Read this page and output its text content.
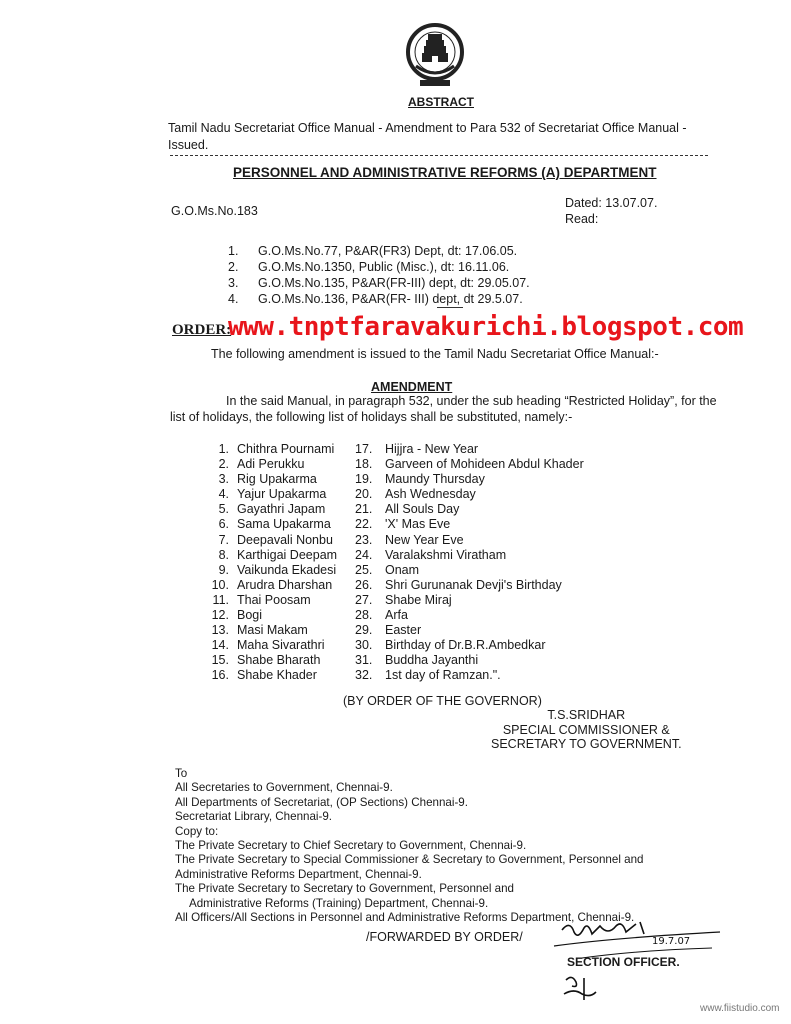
ABSTRACT
Tamil Nadu Secretariat Office Manual - Amendment to Para 532 of Secretariat Office Manual - Issued.
PERSONNEL AND ADMINISTRATIVE REFORMS (A) DEPARTMENT
G.O.Ms.No.183
Dated: 13.07.07.
Read:
1. G.O.Ms.No.77, P&AR(FR3) Dept, dt: 17.06.05.
2. G.O.Ms.No.1350, Public (Misc.), dt: 16.11.06.
3. G.O.Ms.No.135, P&AR(FR-III) dept, dt: 29.05.07.
4. G.O.Ms.No.136, P&AR(FR- III) dept, dt 29.5.07.
ORDER:
www.tnptfaravakurichi.blogspot.com
The following amendment is issued to the Tamil Nadu Secretariat Office Manual:-
AMENDMENT
In the said Manual, in paragraph 532, under the sub heading “Restricted Holiday”, for the list of holidays, the following list of holidays shall be substituted, namely:-
1. Chithra Pournami
2. Adi Perukku
3. Rig Upakarma
4. Yajur Upakarma
5. Gayathri Japam
6. Sama Upakarma
7. Deepavali Nonbu
8. Karthigai Deepam
9. Vaikunda Ekadesi
10. Arudra Dharshan
11. Thai Poosam
12. Bogi
13. Masi Makam
14. Maha Sivarathri
15. Shabe Bharath
16. Shabe Khader
17. Hijjra - New Year
18. Garveen of Mohideen Abdul Khader
19. Maundy Thursday
20. Ash Wednesday
21. All Souls Day
22. 'X' Mas Eve
23. New Year Eve
24. Varalakshmi Viratham
25. Onam
26. Shri Gurunanak Devji's Birthday
27. Shabe Miraj
28. Arfa
29. Easter
30. Birthday of Dr.B.R.Ambedkar
31. Buddha Jayanthi
32. 1st day of Ramzan.".
(BY ORDER OF THE GOVERNOR)
T.S.SRIDHAR
SPECIAL COMMISSIONER &
SECRETARY TO GOVERNMENT.
To
All Secretaries to Government, Chennai-9.
All Departments of Secretariat, (OP Sections) Chennai-9.
Secretariat Library, Chennai-9.
Copy to:
The Private Secretary to Chief Secretary to Government, Chennai-9.
The Private Secretary to Special Commissioner & Secretary to Government, Personnel and
Administrative Reforms Department, Chennai-9.
The Private Secretary to Secretary to Government, Personnel and
Administrative Reforms (Training) Department, Chennai-9.
All Officers/All Sections in Personnel and Administrative Reforms Department, Chennai-9.
/FORWARDED BY ORDER/	19.7.07
SECTION OFFICER.
www.fiistudio.com
